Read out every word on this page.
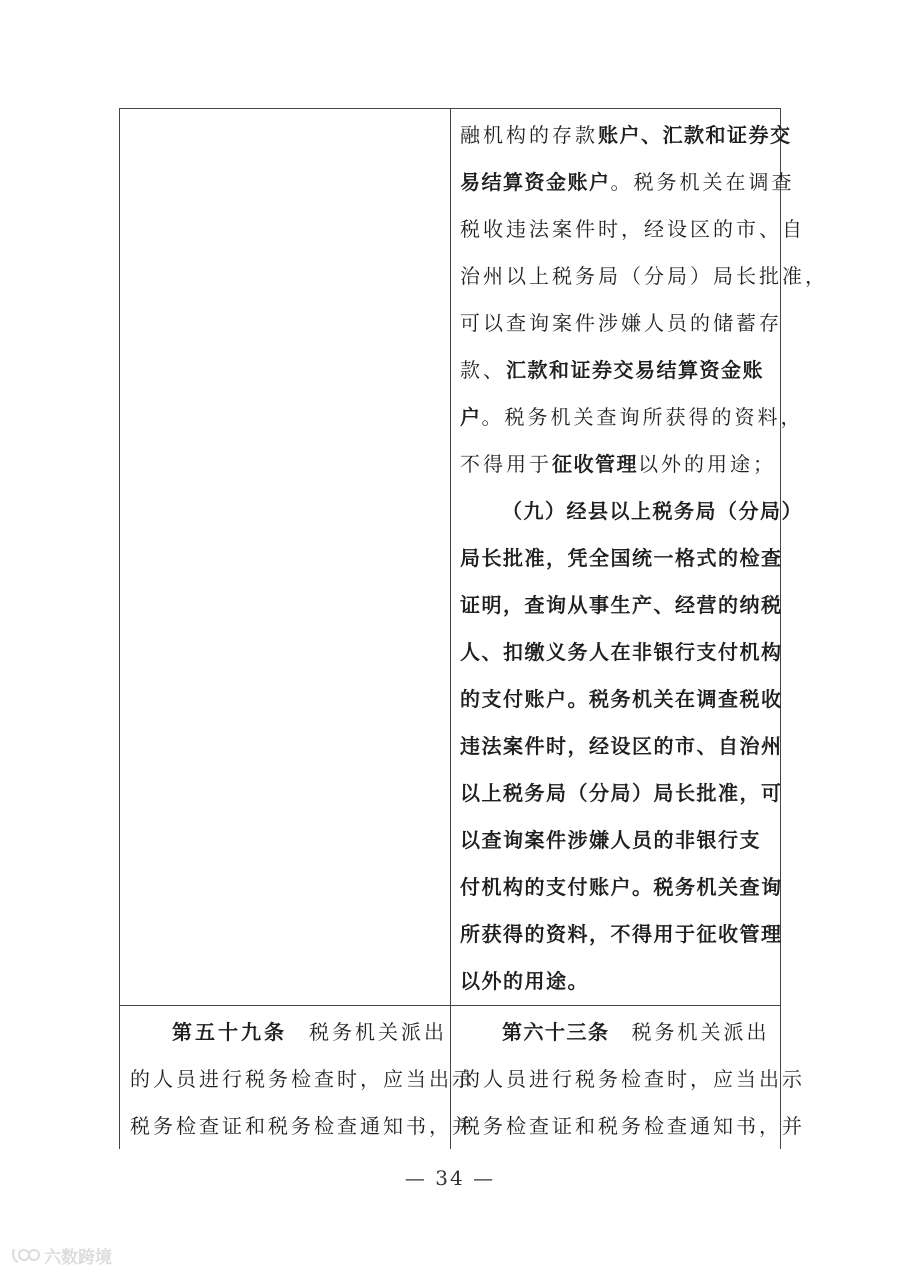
融机构的存款账户、汇款和证券交
易结算资金账户。税务机关在调查
税收违法案件时，经设区的市、自
治州以上税务局（分局）局长批准，
可以查询案件涉嫌人员的储蓄存
款、汇款和证券交易结算资金账
户。税务机关查询所获得的资料，
不得用于征收管理以外的用途；
（九）经县以上税务局（分局）
局长批准，凭全国统一格式的检查
证明，查询从事生产、经营的纳税
人、扣缴义务人在非银行支付机构
的支付账户。税务机关在调查税收
违法案件时，经设区的市、自治州
以上税务局（分局）局长批准，可
以查询案件涉嫌人员的非银行支
付机构的支付账户。税务机关查询
所获得的资料，不得用于征收管理
以外的用途。
第五十九条 税务机关派出
的人员进行税务检查时，应当出示
税务检查证和税务检查通知书，并
第六十三条 税务机关派出
的人员进行税务检查时，应当出示
税务检查证和税务检查通知书，并
— 34 —
六数跨境
